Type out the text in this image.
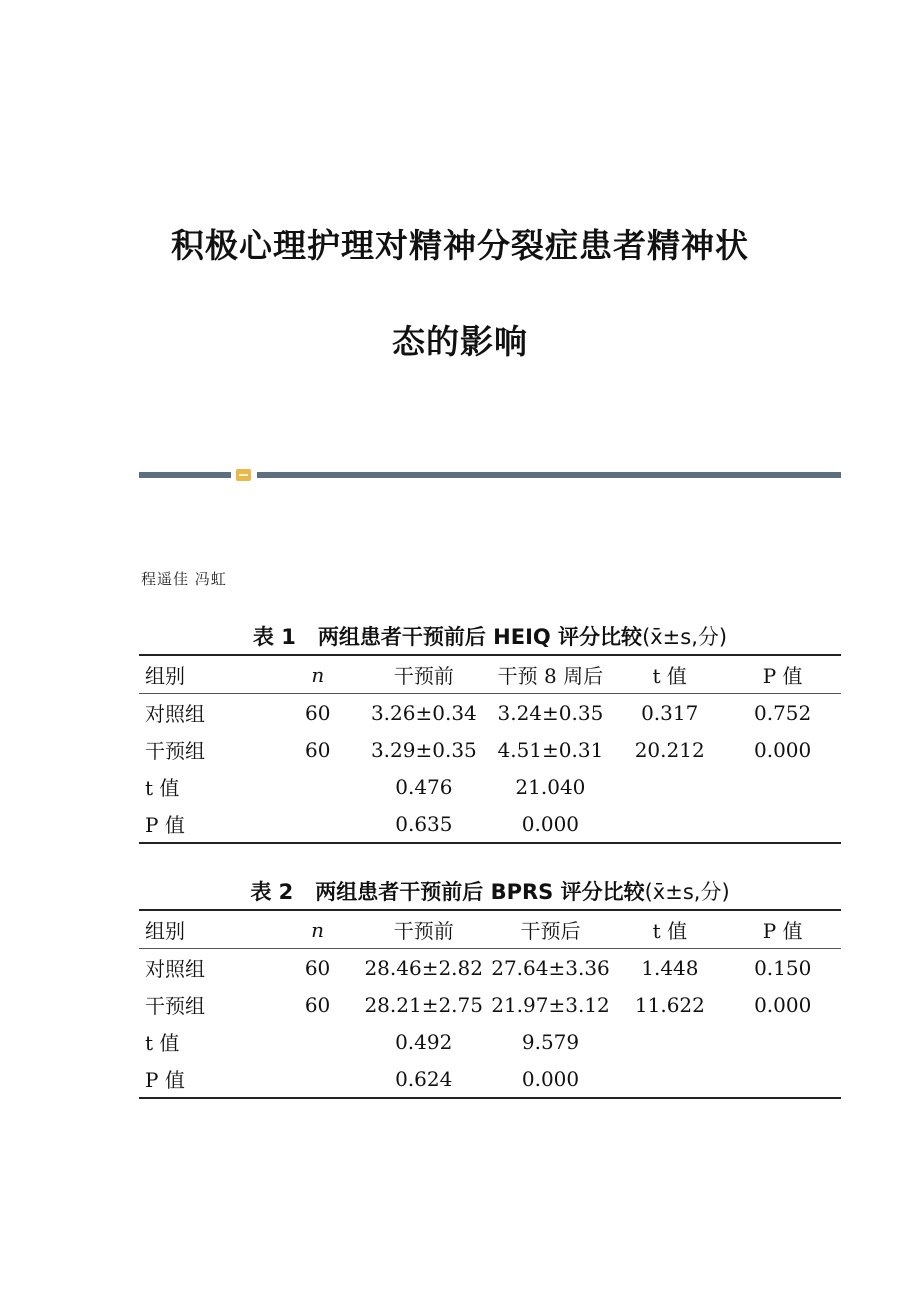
积极心理护理对精神分裂症患者精神状
态的影响
程遥佳 冯虹
表 1 两组患者干预前后 HEIQ 评分比较(x̄±s,分)
组别	n	干预前	干预 8 周后	t 值	P 值
对照组	60	3.26±0.34	3.24±0.35	0.317	0.752
干预组	60	3.29±0.35	4.51±0.31	20.212	0.000
t 值		0.476	21.040		
P 值		0.635	0.000		
表 2 两组患者干预前后 BPRS 评分比较(x̄±s,分)
组别	n	干预前	干预后	t 值	P 值
对照组	60	28.46±2.82	27.64±3.36	1.448	0.150
干预组	60	28.21±2.75	21.97±3.12	11.622	0.000
t 值		0.492	9.579		
P 值		0.624	0.000		
